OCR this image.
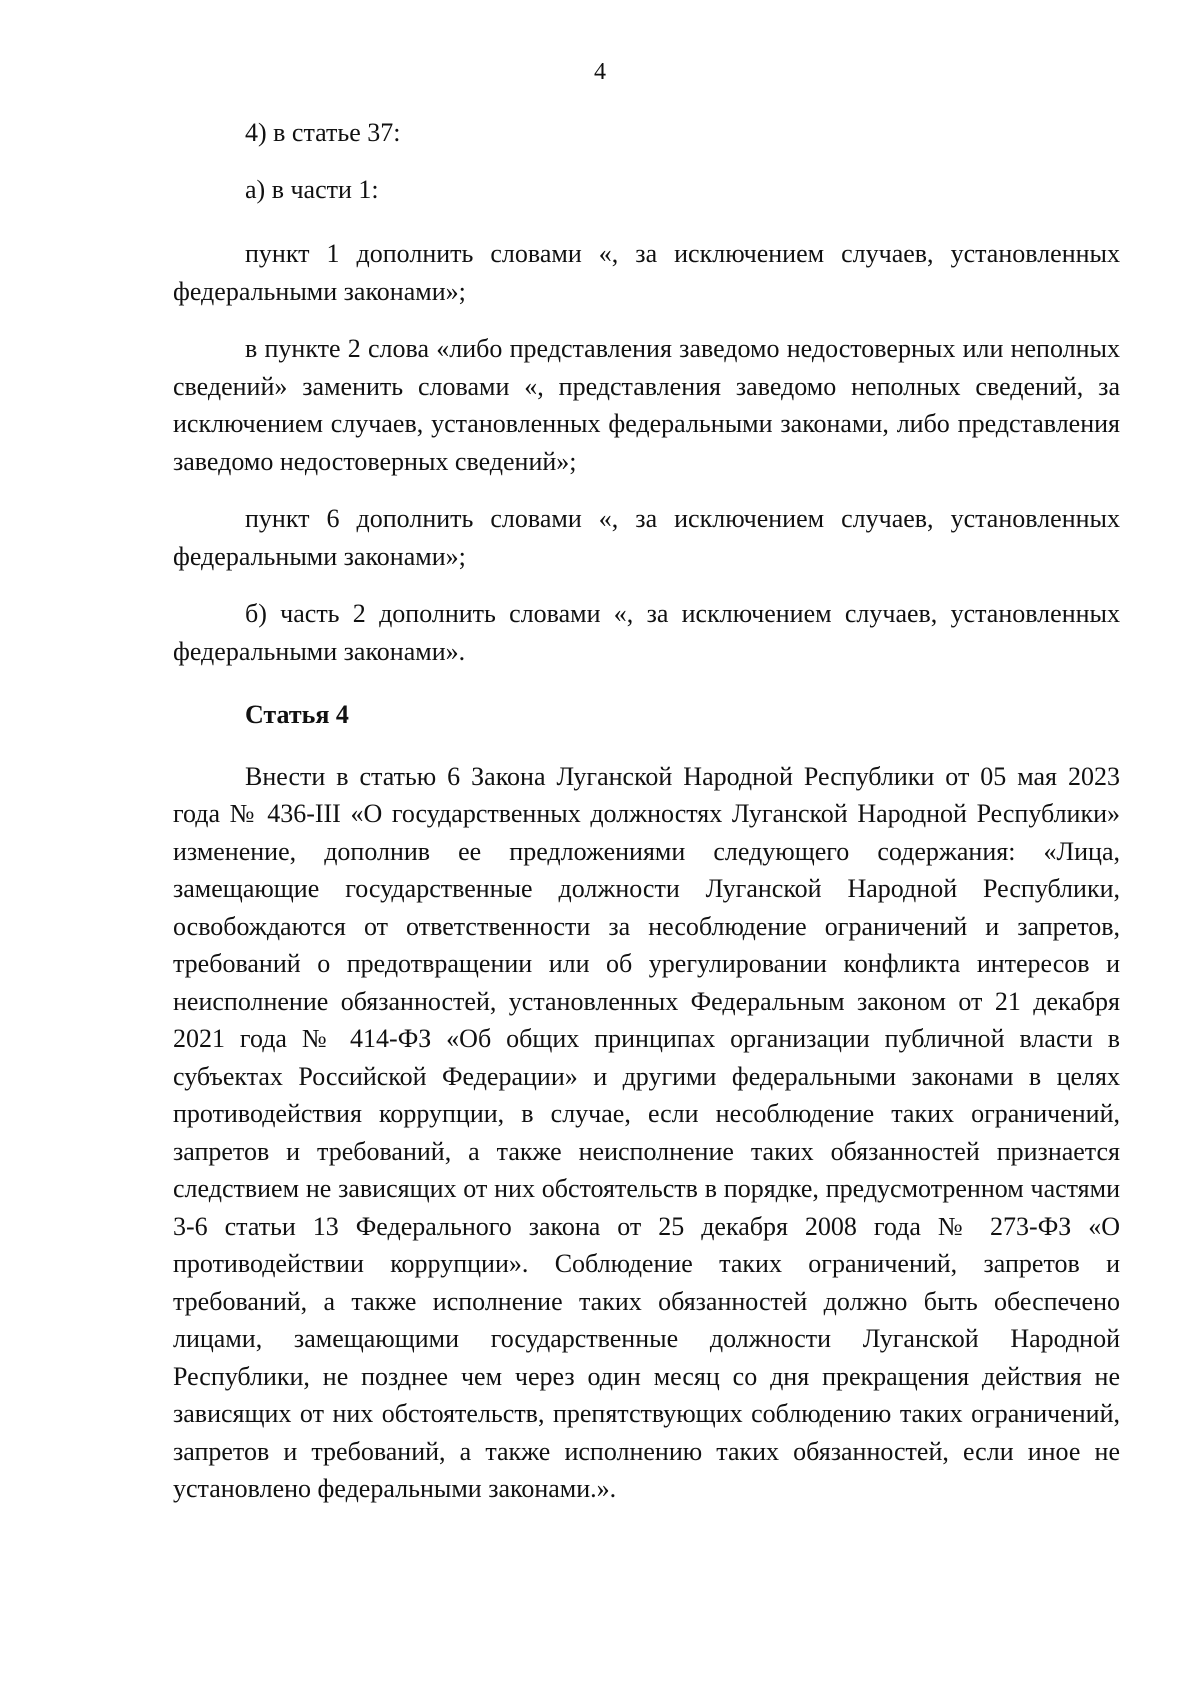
4

4) в статье 37:

а) в части 1:

пункт 1 дополнить словами «, за исключением случаев, установленных федеральными законами»;

в пункте 2 слова «либо представления заведомо недостоверных или неполных сведений» заменить словами «, представления заведомо неполных сведений, за исключением случаев, установленных федеральными законами, либо представления заведомо недостоверных сведений»;

пункт 6 дополнить словами «, за исключением случаев, установленных федеральными законами»;

б) часть 2 дополнить словами «, за исключением случаев, установленных федеральными законами».

Статья 4

Внести в статью 6 Закона Луганской Народной Республики от 05 мая 2023 года № 436-III «О государственных должностях Луганской Народной Республики» изменение, дополнив ее предложениями следующего содержания: «Лица, замещающие государственные должности Луганской Народной Республики, освобождаются от ответственности за несоблюдение ограничений и запретов, требований о предотвращении или об урегулировании конфликта интересов и неисполнение обязанностей, установленных Федеральным законом от 21 декабря 2021 года № 414-ФЗ «Об общих принципах организации публичной власти в субъектах Российской Федерации» и другими федеральными законами в целях противодействия коррупции, в случае, если несоблюдение таких ограничений, запретов и требований, а также неисполнение таких обязанностей признается следствием не зависящих от них обстоятельств в порядке, предусмотренном частями 3-6 статьи 13 Федерального закона от 25 декабря 2008 года № 273-ФЗ «О противодействии коррупции». Соблюдение таких ограничений, запретов и требований, а также исполнение таких обязанностей должно быть обеспечено лицами, замещающими государственные должности Луганской Народной Республики, не позднее чем через один месяц со дня прекращения действия не зависящих от них обстоятельств, препятствующих соблюдению таких ограничений, запретов и требований, а также исполнению таких обязанностей, если иное не установлено федеральными законами.».
